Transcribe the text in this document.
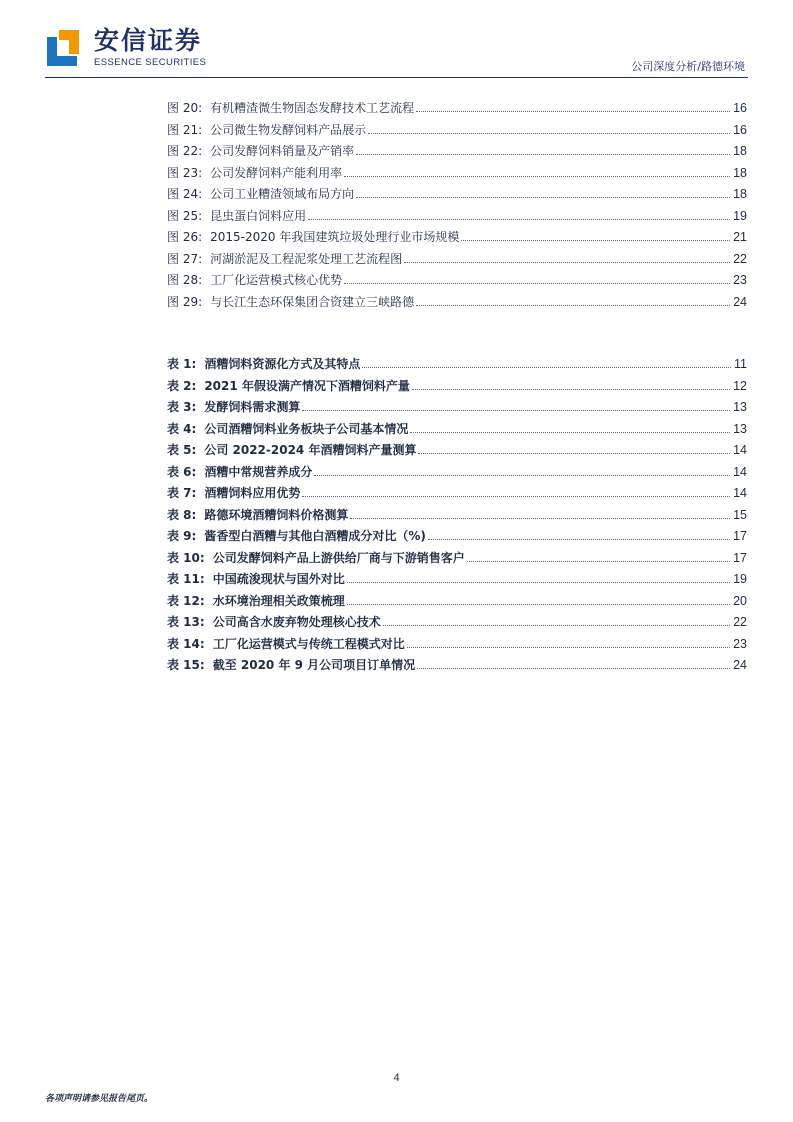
安信证券
ESSENCE SECURITIES	公司深度分析/路德环境
图 20: 有机糟渣微生物固态发酵技术工艺流程	16
图 21: 公司微生物发酵饲料产品展示	16
图 22: 公司发酵饲料销量及产销率	18
图 23: 公司发酵饲料产能利用率	18
图 24: 公司工业糟渣领域布局方向	18
图 25: 昆虫蛋白饲料应用	19
图 26: 2015-2020 年我国建筑垃圾处理行业市场规模	21
图 27: 河湖淤泥及工程泥浆处理工艺流程图	22
图 28: 工厂化运营模式核心优势	23
图 29: 与长江生态环保集团合资建立三峡路德	24
表 1: 酒糟饲料资源化方式及其特点	11
表 2: 2021 年假设满产情况下酒糟饲料产量	12
表 3: 发酵饲料需求测算	13
表 4: 公司酒糟饲料业务板块子公司基本情况	13
表 5: 公司 2022-2024 年酒糟饲料产量测算	14
表 6: 酒糟中常规营养成分	14
表 7: 酒糟饲料应用优势	14
表 8: 路德环境酒糟饲料价格测算	15
表 9: 酱香型白酒糟与其他白酒糟成分对比（%)	17
表 10: 公司发酵饲料产品上游供给厂商与下游销售客户	17
表 11: 中国疏浚现状与国外对比	19
表 12: 水环境治理相关政策梳理	20
表 13: 公司高含水废弃物处理核心技术	22
表 14: 工厂化运营模式与传统工程模式对比	23
表 15: 截至 2020 年 9 月公司项目订单情况	24
4
各项声明请参见报告尾页。
